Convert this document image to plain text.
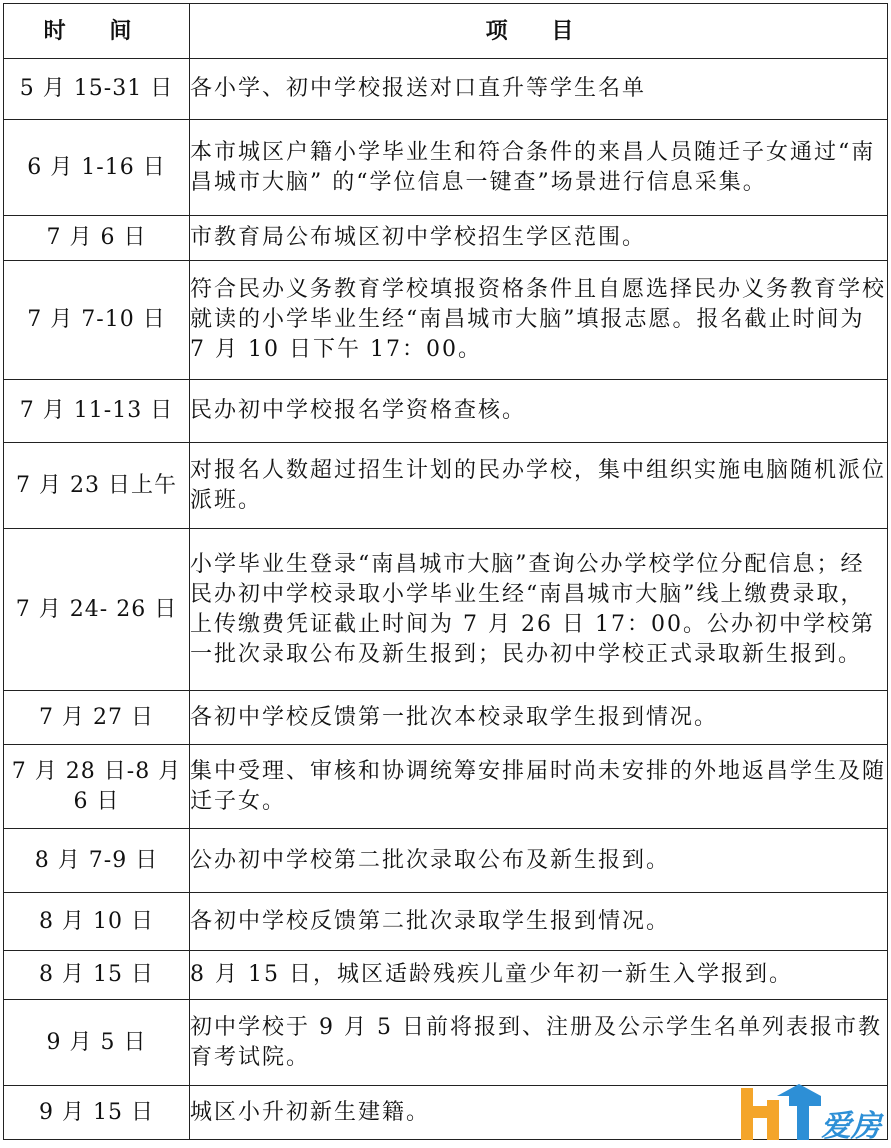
时 间	项 目
5 月 15-31 日	各小学、初中学校报送对口直升等学生名单
6 月 1-16 日	本市城区户籍小学毕业生和符合条件的来昌人员随迁子女通过“南昌城市大脑” 的“学位信息一键查”场景进行信息采集。
7 月 6 日	市教育局公布城区初中学校招生学区范围。
7 月 7-10 日	符合民办义务教育学校填报资格条件且自愿选择民办义务教育学校就读的小学毕业生经“南昌城市大脑”填报志愿。报名截止时间为 7 月 10 日下午 17：00。
7 月 11-13 日	民办初中学校报名学资格查核。
7 月 23 日上午	对报名人数超过招生计划的民办学校，集中组织实施电脑随机派位派班。
7 月 24- 26 日	小学毕业生登录“南昌城市大脑”查询公办学校学位分配信息；经民办初中学校录取小学毕业生经“南昌城市大脑”线上缴费录取，上传缴费凭证截止时间为 7 月 26 日 17：00。公办初中学校第一批次录取公布及新生报到；民办初中学校正式录取新生报到。
7 月 27 日	各初中学校反馈第一批次本校录取学生报到情况。
7 月 28 日-8 月 6 日	集中受理、审核和协调统筹安排届时尚未安排的外地返昌学生及随迁子女。
8 月 7-9 日	公办初中学校第二批次录取公布及新生报到。
8 月 10 日	各初中学校反馈第二批次录取学生报到情况。
8 月 15 日	8 月 15 日，城区适龄残疾儿童少年初一新生入学报到。
9 月 5 日	初中学校于 9 月 5 日前将报到、注册及公示学生名单列表报市教育考试院。
9 月 15 日	城区小升初新生建籍。	爱房
